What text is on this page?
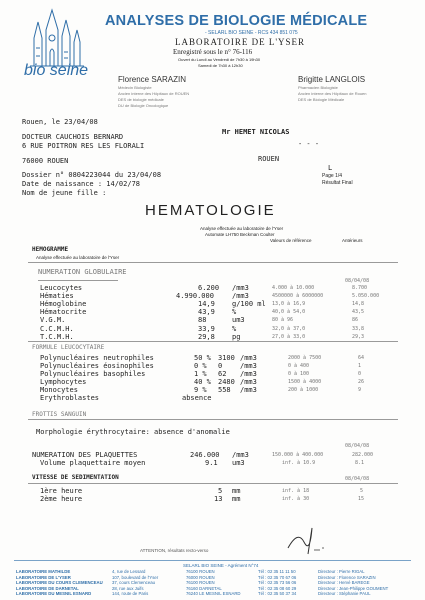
bio seine
ANALYSES DE BIOLOGIE MÉDICALE
- SELARL BIO SEINE - RCS 434 851 075
LABORATOIRE DE L'YSER
Enregistré sous le n° 76-116
Ouvert du Lundi au Vendredi de 7h30 à 19h30
Samedi de 7h30 à 12h30
Florence SARAZIN
Médecin Biologiste
Ancien interne des Hôpitaux de ROUEN
DES de biologie médicale
DU de Biologie Oncologique
Brigitte LANGLOIS
Pharmacien Biologiste
Ancien interne des Hôpitaux de Rouen
DES de Biologie Médicale
Rouen, le 23/04/08
DOCTEUR CAUCHOIS BERNARD
6 RUE POITRON RES LES FLORALI
76000 ROUEN
Mr HEMET NICOLAS
- - -
ROUEN
L
Page 1/4
Résultat Final
Dossier n° 0804223044 du 23/04/08
Date de naissance : 14/02/78
Nom de jeune fille :
HEMATOLOGIE
Analyse effectuée au laboratoire de l'Yser
Automate LH750 Beckman Coulter
Valeurs de référence	Antérieurs
HEMOGRAMME
Analyse effectuée au laboratoire de l'Yser
NUMERATION GLOBULAIRE
08/04/08
Leucocytes	6.200 /mm3	4.000 à 10.000	8.700
Hématies	4.990.000	/mm3	4500000 à 6000000	5.050.000
Hémoglobine	14,9 g/100 ml 13,0 à 16,9	14,8
Hématocrite	43,9 %	40,0 à 54,0	43,5
V.G.M.	88	um3	80 à 96	86
C.C.M.H.	33,9 %	32,0 à 37,0	33,8
T.C.M.H.	29,8 pg	27,0 à 33,0	29,3
FORMULE LEUCOCYTAIRE
Polynucléaires neutrophiles	50 % 3100 /mm3	2000 à 7500	64
Polynucléaires éosinophiles	0 % 0	/mm3	0 à 400	1
Polynucléaires basophiles	1 % 62 /mm3	0 à 100	0
Lymphocytes	40 % 2480 /mm3	1500 à 4000	26
Monocytes	9 % 558 /mm3	200 à 1000	9
Erythroblastes	absence
FROTTIS SANGUIN
Morphologie érythrocytaire: absence d'anomalie
08/04/08
NUMERATION DES PLAQUETTES	246.000 /mm3	150.000 à 400.000	282.000
Volume plaquettaire moyen	9.1 um3	inf. à 10.9	8.1
VITESSE DE SEDIMENTATION	08/04/08
1ère heure	5 mm	inf. à 18	5
2ème heure	13 mm	inf. à 30	15
ATTENTION, résultats recto-verso
SELARL BIO SEINE - Agrément N°74
LABORATOIRE MATHILDE	4, rue de Lessard	76100 ROUEN	Tél : 02 35 11 11 50	Directeur : Pierre RIGAL
LABORATOIRE DE L'YSER	107, boulevard de l'Yser	76000 ROUEN	Tél : 02 35 70 67 06	Directeur : Florence SARAZIN
LABORATOIRE DU COURS CLEMENCEAU 37, cours Clemenceau	76100 ROUEN	Tél : 02 35 73 56 06	Directeur : Hervé BAREGE
LABORATOIRE DE DARNETAL	28, rue aux Juifs	76160 DARNETAL	Tél : 02 35 08 60 29	Directeur : Jean-Philippe GOUMENT
LABORATOIRE DU MESNIL ESNARD	144, route de Paris	76240 LE MESNIL ESNARD	Tél : 02 35 50 37 34	Directeur : Stéphanie PAUL
